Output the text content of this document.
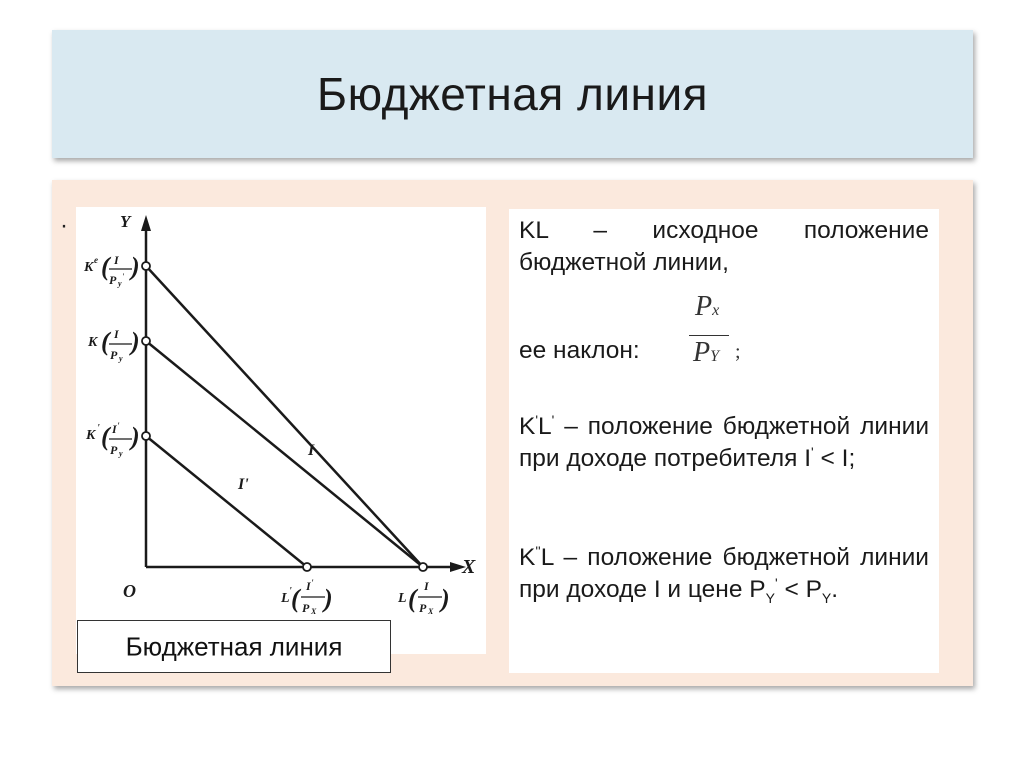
Бюджетная линия
·	Y
X
O
I
I'
K e ( I
P y
' )
K ( I
P y
)
K ' ( I '
P y
)
L ' ( I '
P X )	L ( I
P X )
Бюджетная линия
KL – исходное положение бюджетной линии,
ее наклон:
Px
PY ;
K'L' – положение бюджетной линии при доходе потребителя I' < I;
K''L – положение бюджетной линии при доходе I и цене $P_Y' < P_Y$.
